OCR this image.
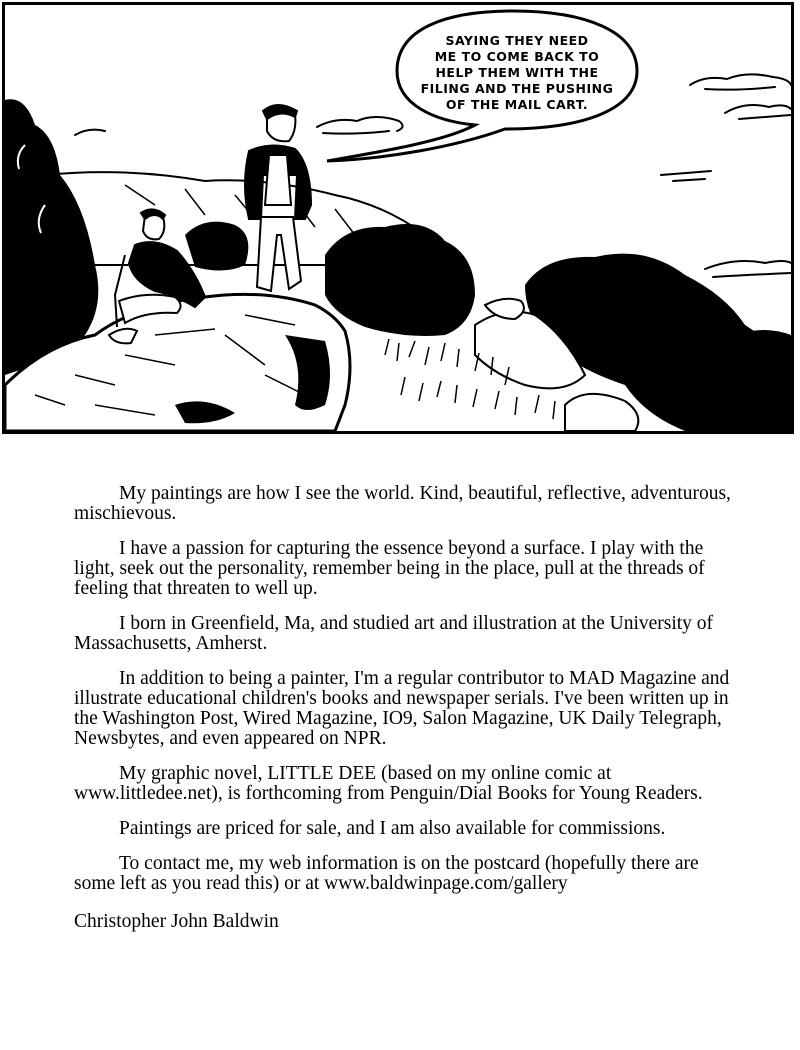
SAYING THEY NEED
ME TO COME BACK TO
HELP THEM WITH THE
FILING AND THE PUSHING
OF THE MAIL CART.

My paintings are how I see the world. Kind, beautiful, reflective, adventurous, mischievous.

I have a passion for capturing the essence beyond a surface. I play with the light, seek out the personality, remember being in the place, pull at the threads of feeling that threaten to well up.

I born in Greenfield, Ma, and studied art and illustration at the University of Massachusetts, Amherst.

In addition to being a painter, I'm a regular contributor to MAD Magazine and illustrate educational children's books and newspaper serials. I've been written up in the Washington Post, Wired Magazine, IO9, Salon Magazine, UK Daily Telegraph, Newsbytes, and even appeared on NPR.

My graphic novel, LITTLE DEE (based on my online comic at www.littledee.net), is forthcoming from Penguin/Dial Books for Young Readers.

Paintings are priced for sale, and I am also available for commissions.

To contact me, my web information is on the postcard (hopefully there are some left as you read this) or at www.baldwinpage.com/gallery

Christopher John Baldwin
